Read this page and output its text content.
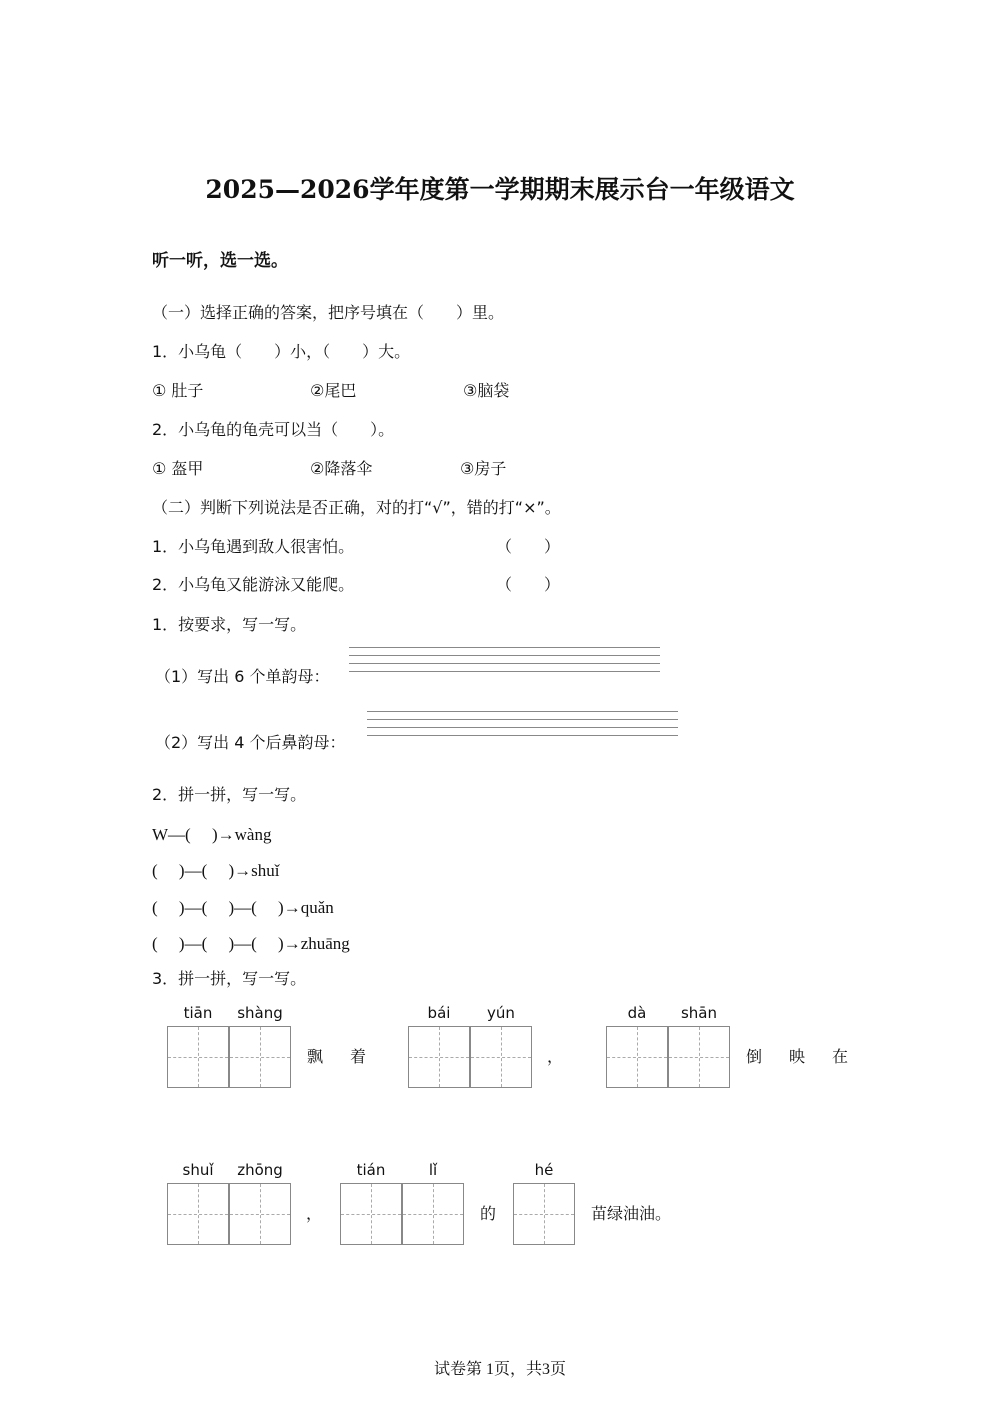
2025—2026学年度第一学期期末展示台一年级语文
听一听，选一选。
（一）选择正确的答案，把序号填在（　　）里。
1．小乌龟（　　）小，（　　）大。
① 肚子	②尾巴	③脑袋
2．小乌龟的龟壳可以当（　　）。
① 盔甲	②降落伞	③房子
（二）判断下列说法是否正确，对的打“√”，错的打“×”。
1．小乌龟遇到敌人很害怕。	（　　）
2．小乌龟又能游泳又能爬。	（　　）
1．按要求，写一写。
（1）写出 6 个单韵母：
（2）写出 4 个后鼻韵母：
2．拼一拼，写一写。
W—(　 )→wàng
(　 )—(　 )→shuǐ
(　 )—(　 )—(　 )→quǎn
(　 )—(　 )—(　 )→zhuāng
3．拼一拼，写一写。
tiān	shàng
飘 着
bái	yún
，
dà	shān
倒 映 在
shuǐ	zhōng
，
tián	lǐ
的
hé
苗绿油油。
试卷第 1页，共3页
